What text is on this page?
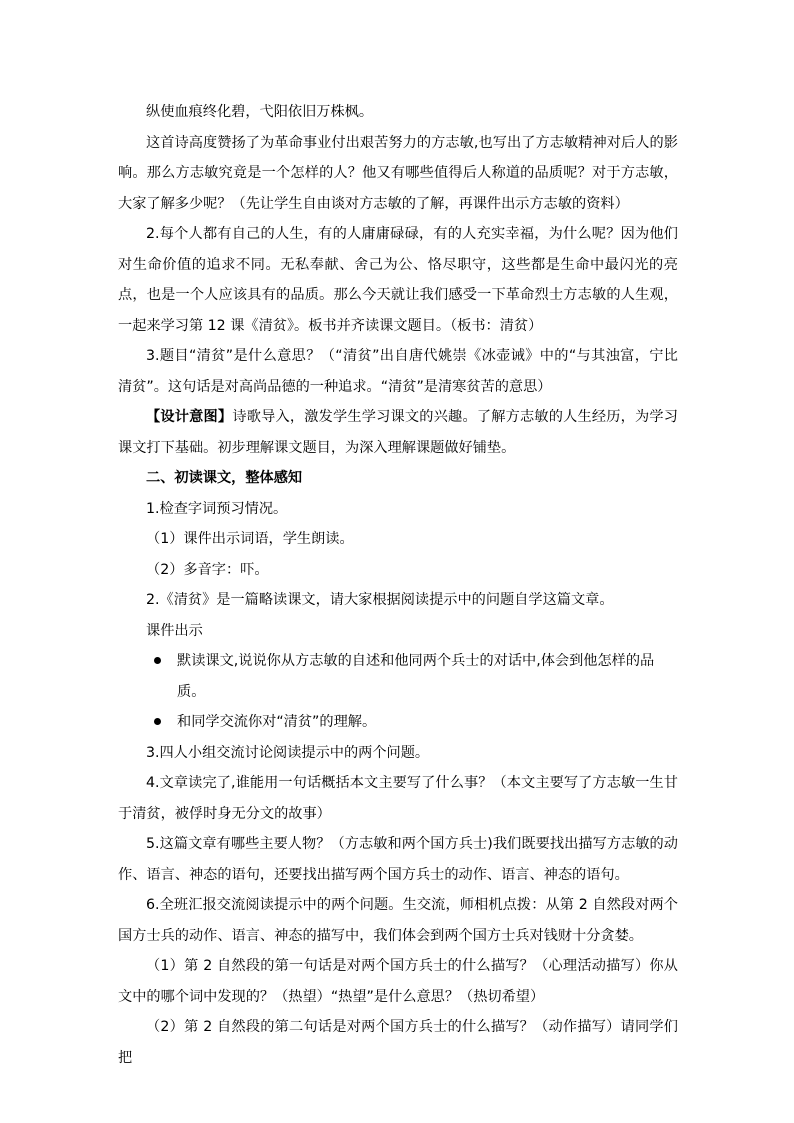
纵使血痕终化碧，弋阳依旧万株枫。

这首诗高度赞扬了为革命事业付出艰苦努力的方志敏,也写出了方志敏精神对后人的影响。那么方志敏究竟是一个怎样的人？他又有哪些值得后人称道的品质呢？对于方志敏，大家了解多少呢？（先让学生自由谈对方志敏的了解，再课件出示方志敏的资料）

2.每个人都有自己的人生，有的人庸庸碌碌，有的人充实幸福，为什么呢？因为他们对生命价值的追求不同。无私奉献、舍己为公、恪尽职守，这些都是生命中最闪光的亮点，也是一个人应该具有的品质。那么今天就让我们感受一下革命烈士方志敏的人生观，一起来学习第 12 课《清贫》。板书并齐读课文题目。（板书：清贫）

3.题目“清贫”是什么意思？（“清贫”出自唐代姚崇《冰壶诫》中的“与其浊富，宁比清贫”。这句话是对高尚品德的一种追求。“清贫”是清寒贫苦的意思）

【设计意图】诗歌导入，激发学生学习课文的兴趣。了解方志敏的人生经历，为学习课文打下基础。初步理解课文题目，为深入理解课题做好铺垫。

二、初读课文，整体感知

1.检查字词预习情况。

（1）课件出示词语，学生朗读。

（2）多音字：吓。

2.《清贫》是一篇略读课文，请大家根据阅读提示中的问题自学这篇文章。

课件出示

默读课文,说说你从方志敏的自述和他同两个兵士的对话中,体会到他怎样的品质。
和同学交流你对“清贫”的理解。

3.四人小组交流讨论阅读提示中的两个问题。

4.文章读完了,谁能用一句话概括本文主要写了什么事？（本文主要写了方志敏一生甘于清贫，被俘时身无分文的故事）

5.这篇文章有哪些主要人物？（方志敏和两个国方兵士)我们既要找出描写方志敏的动作、语言、神态的语句，还要找出描写两个国方兵士的动作、语言、神态的语句。

6.全班汇报交流阅读提示中的两个问题。生交流，师相机点拨：从第 2 自然段对两个国方士兵的动作、语言、神态的描写中，我们体会到两个国方士兵对钱财十分贪婪。

（1）第 2 自然段的第一句话是对两个国方兵士的什么描写？（心理活动描写）你从文中的哪个词中发现的？（热望）“热望”是什么意思？（热切希望）

（2）第 2 自然段的第二句话是对两个国方兵士的什么描写？（动作描写）请同学们把
